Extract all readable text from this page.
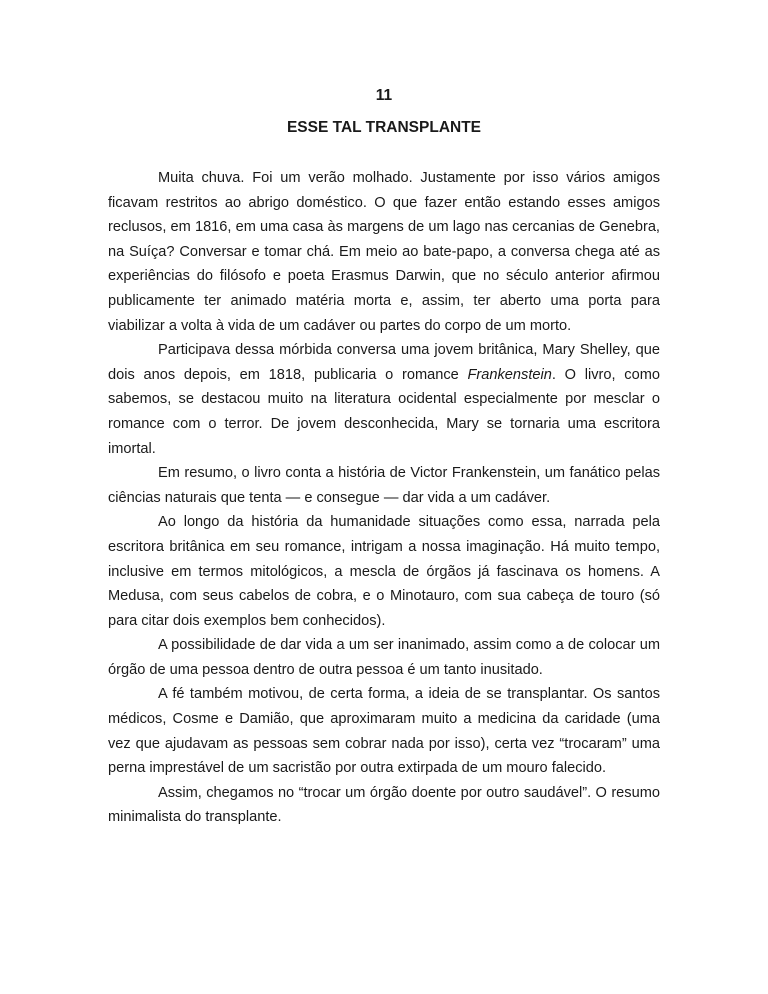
11
ESSE TAL TRANSPLANTE

Muita chuva. Foi um verão molhado. Justamente por isso vários amigos ficavam restritos ao abrigo doméstico. O que fazer então estando esses amigos reclusos, em 1816, em uma casa às margens de um lago nas cercanias de Genebra, na Suíça? Conversar e tomar chá. Em meio ao bate-papo, a conversa chega até as experiências do filósofo e poeta Erasmus Darwin, que no século anterior afirmou publicamente ter animado matéria morta e, assim, ter aberto uma porta para viabilizar a volta à vida de um cadáver ou partes do corpo de um morto.

Participava dessa mórbida conversa uma jovem britânica, Mary Shelley, que dois anos depois, em 1818, publicaria o romance Frankenstein. O livro, como sabemos, se destacou muito na literatura ocidental especialmente por mesclar o romance com o terror. De jovem desconhecida, Mary se tornaria uma escritora imortal.

Em resumo, o livro conta a história de Victor Frankenstein, um fanático pelas ciências naturais que tenta — e consegue — dar vida a um cadáver.

Ao longo da história da humanidade situações como essa, narrada pela escritora britânica em seu romance, intrigam a nossa imaginação. Há muito tempo, inclusive em termos mitológicos, a mescla de órgãos já fascinava os homens. A Medusa, com seus cabelos de cobra, e o Minotauro, com sua cabeça de touro (só para citar dois exemplos bem conhecidos).

A possibilidade de dar vida a um ser inanimado, assim como a de colocar um órgão de uma pessoa dentro de outra pessoa é um tanto inusitado.

A fé também motivou, de certa forma, a ideia de se transplantar. Os santos médicos, Cosme e Damião, que aproximaram muito a medicina da caridade (uma vez que ajudavam as pessoas sem cobrar nada por isso), certa vez “trocaram” uma perna imprestável de um sacristão por outra extirpada de um mouro falecido.

Assim, chegamos no “trocar um órgão doente por outro saudável”. O resumo minimalista do transplante.
